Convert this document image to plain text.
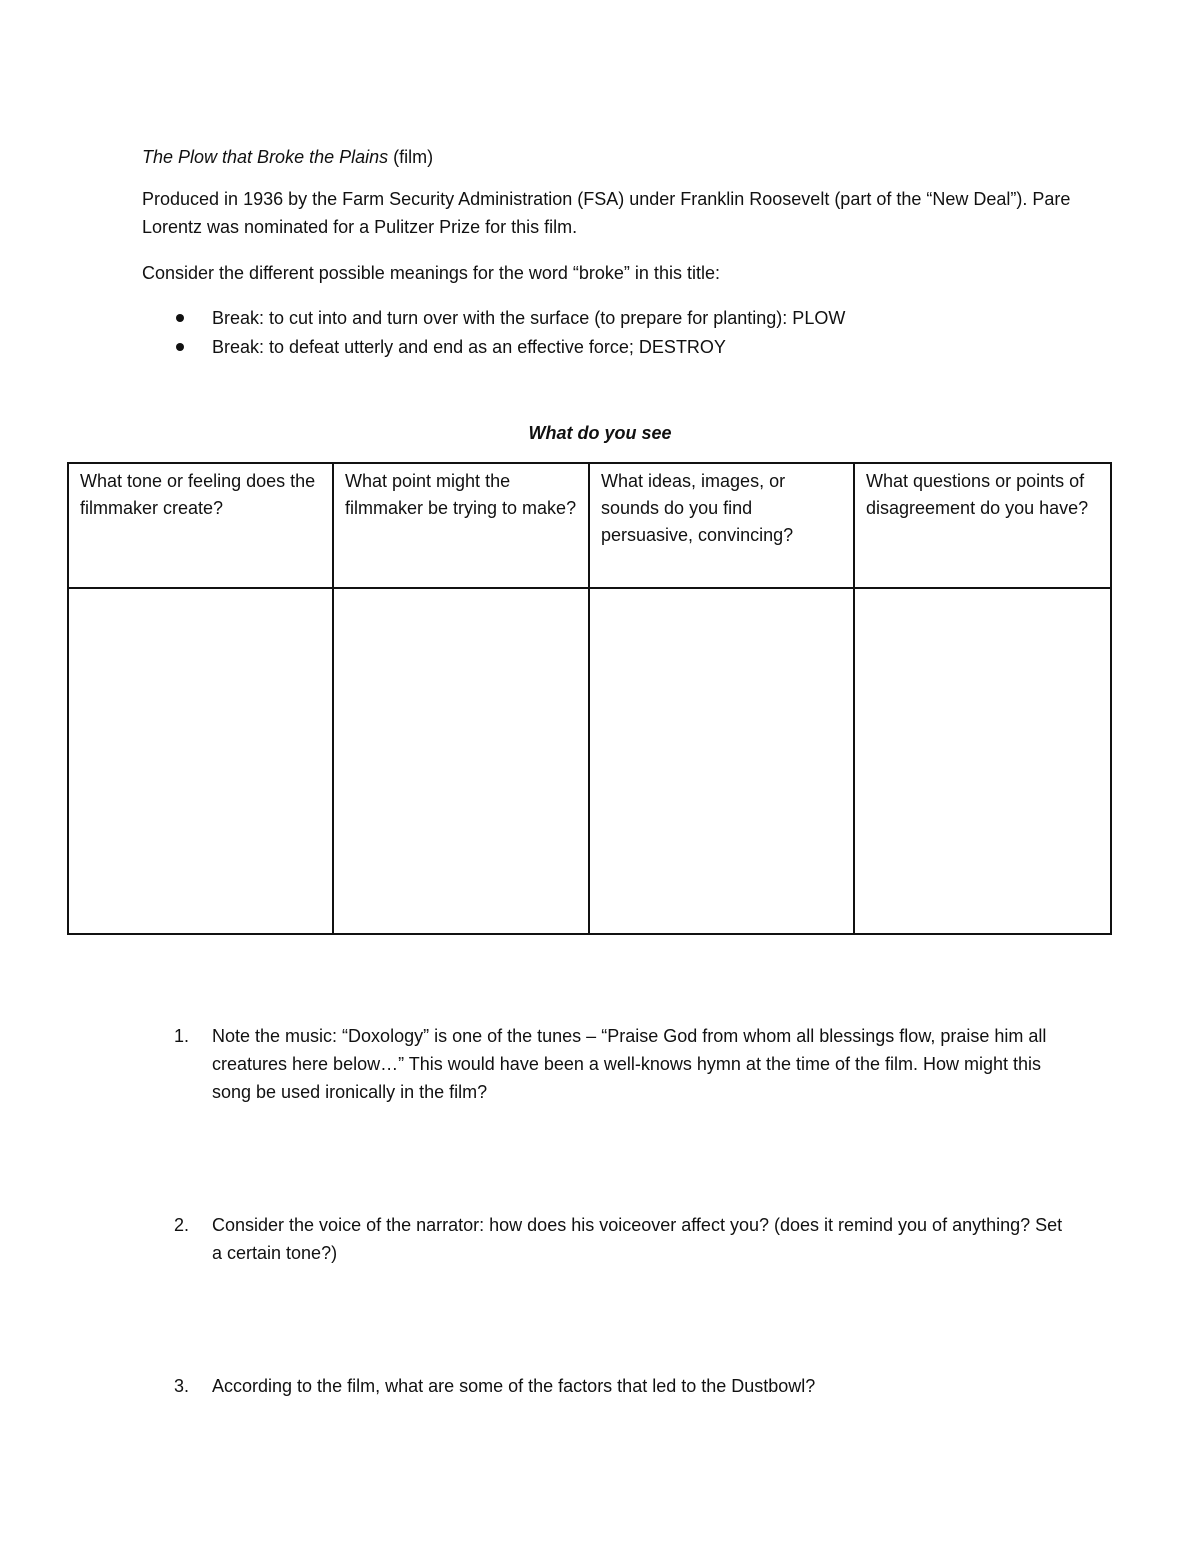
The Plow that Broke the Plains (film)

Produced in 1936 by the Farm Security Administration (FSA) under Franklin Roosevelt (part of the “New Deal”). Pare Lorentz was nominated for a Pulitzer Prize for this film.

Consider the different possible meanings for the word “broke” in this title:

Break: to cut into and turn over with the surface (to prepare for planting): PLOW
Break: to defeat utterly and end as an effective force; DESTROY

What do you see

What tone or feeling does the filmmaker create?	What point might the filmmaker be trying to make?	What ideas, images, or sounds do you find persuasive, convincing?	What questions or points of disagreement do you have?

1. Note the music: “Doxology” is one of the tunes – “Praise God from whom all blessings flow, praise him all creatures here below…” This would have been a well-knows hymn at the time of the film. How might this song be used ironically in the film?

2. Consider the voice of the narrator: how does his voiceover affect you? (does it remind you of anything? Set a certain tone?)

3. According to the film, what are some of the factors that led to the Dustbowl?
